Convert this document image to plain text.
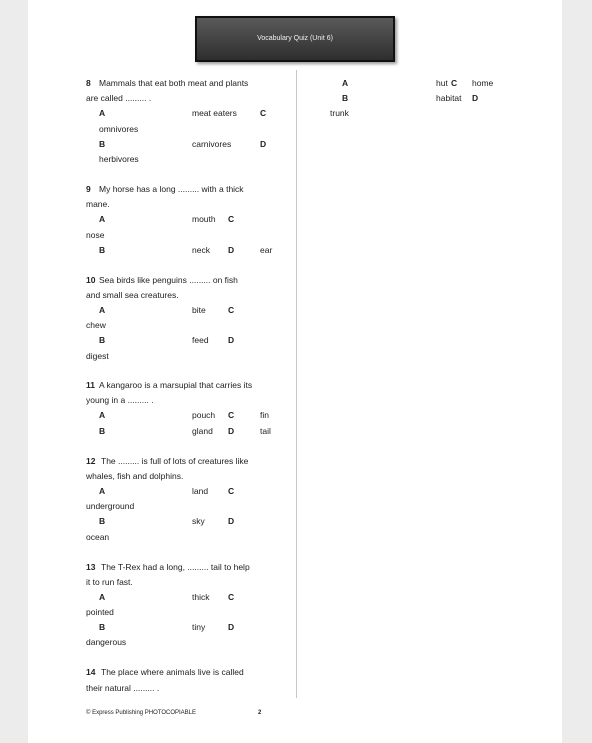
Vocabulary Quiz (Unit 6)
8 Mammals that eat both meat and plants
are called ......... .
A	meat eaters	C
omnivores
B	carnivores	D
herbivores
9 My horse has a long ......... with a thick
mane.
A	mouth C
nose
B	neck D	ear
10 Sea birds like penguins ......... on fish
and small sea creatures.
A	bite	C
chew
B	feed D
digest
11 A kangaroo is a marsupial that carries its
young in a ......... .
A	pouch C	fin
B	gland D	tail
12 The ......... is full of lots of creatures like
whales, fish and dolphins.
A	land C
underground
B	sky	D
ocean
13 The T-Rex had a long, ......... tail to help
it to run fast.
A	thick C
pointed
B	tiny	D
dangerous
14 The place where animals live is called
their natural ......... .
A	hut C home
B	habitat D
trunk
© Express Publishing PHOTOCOPIABLE	2
